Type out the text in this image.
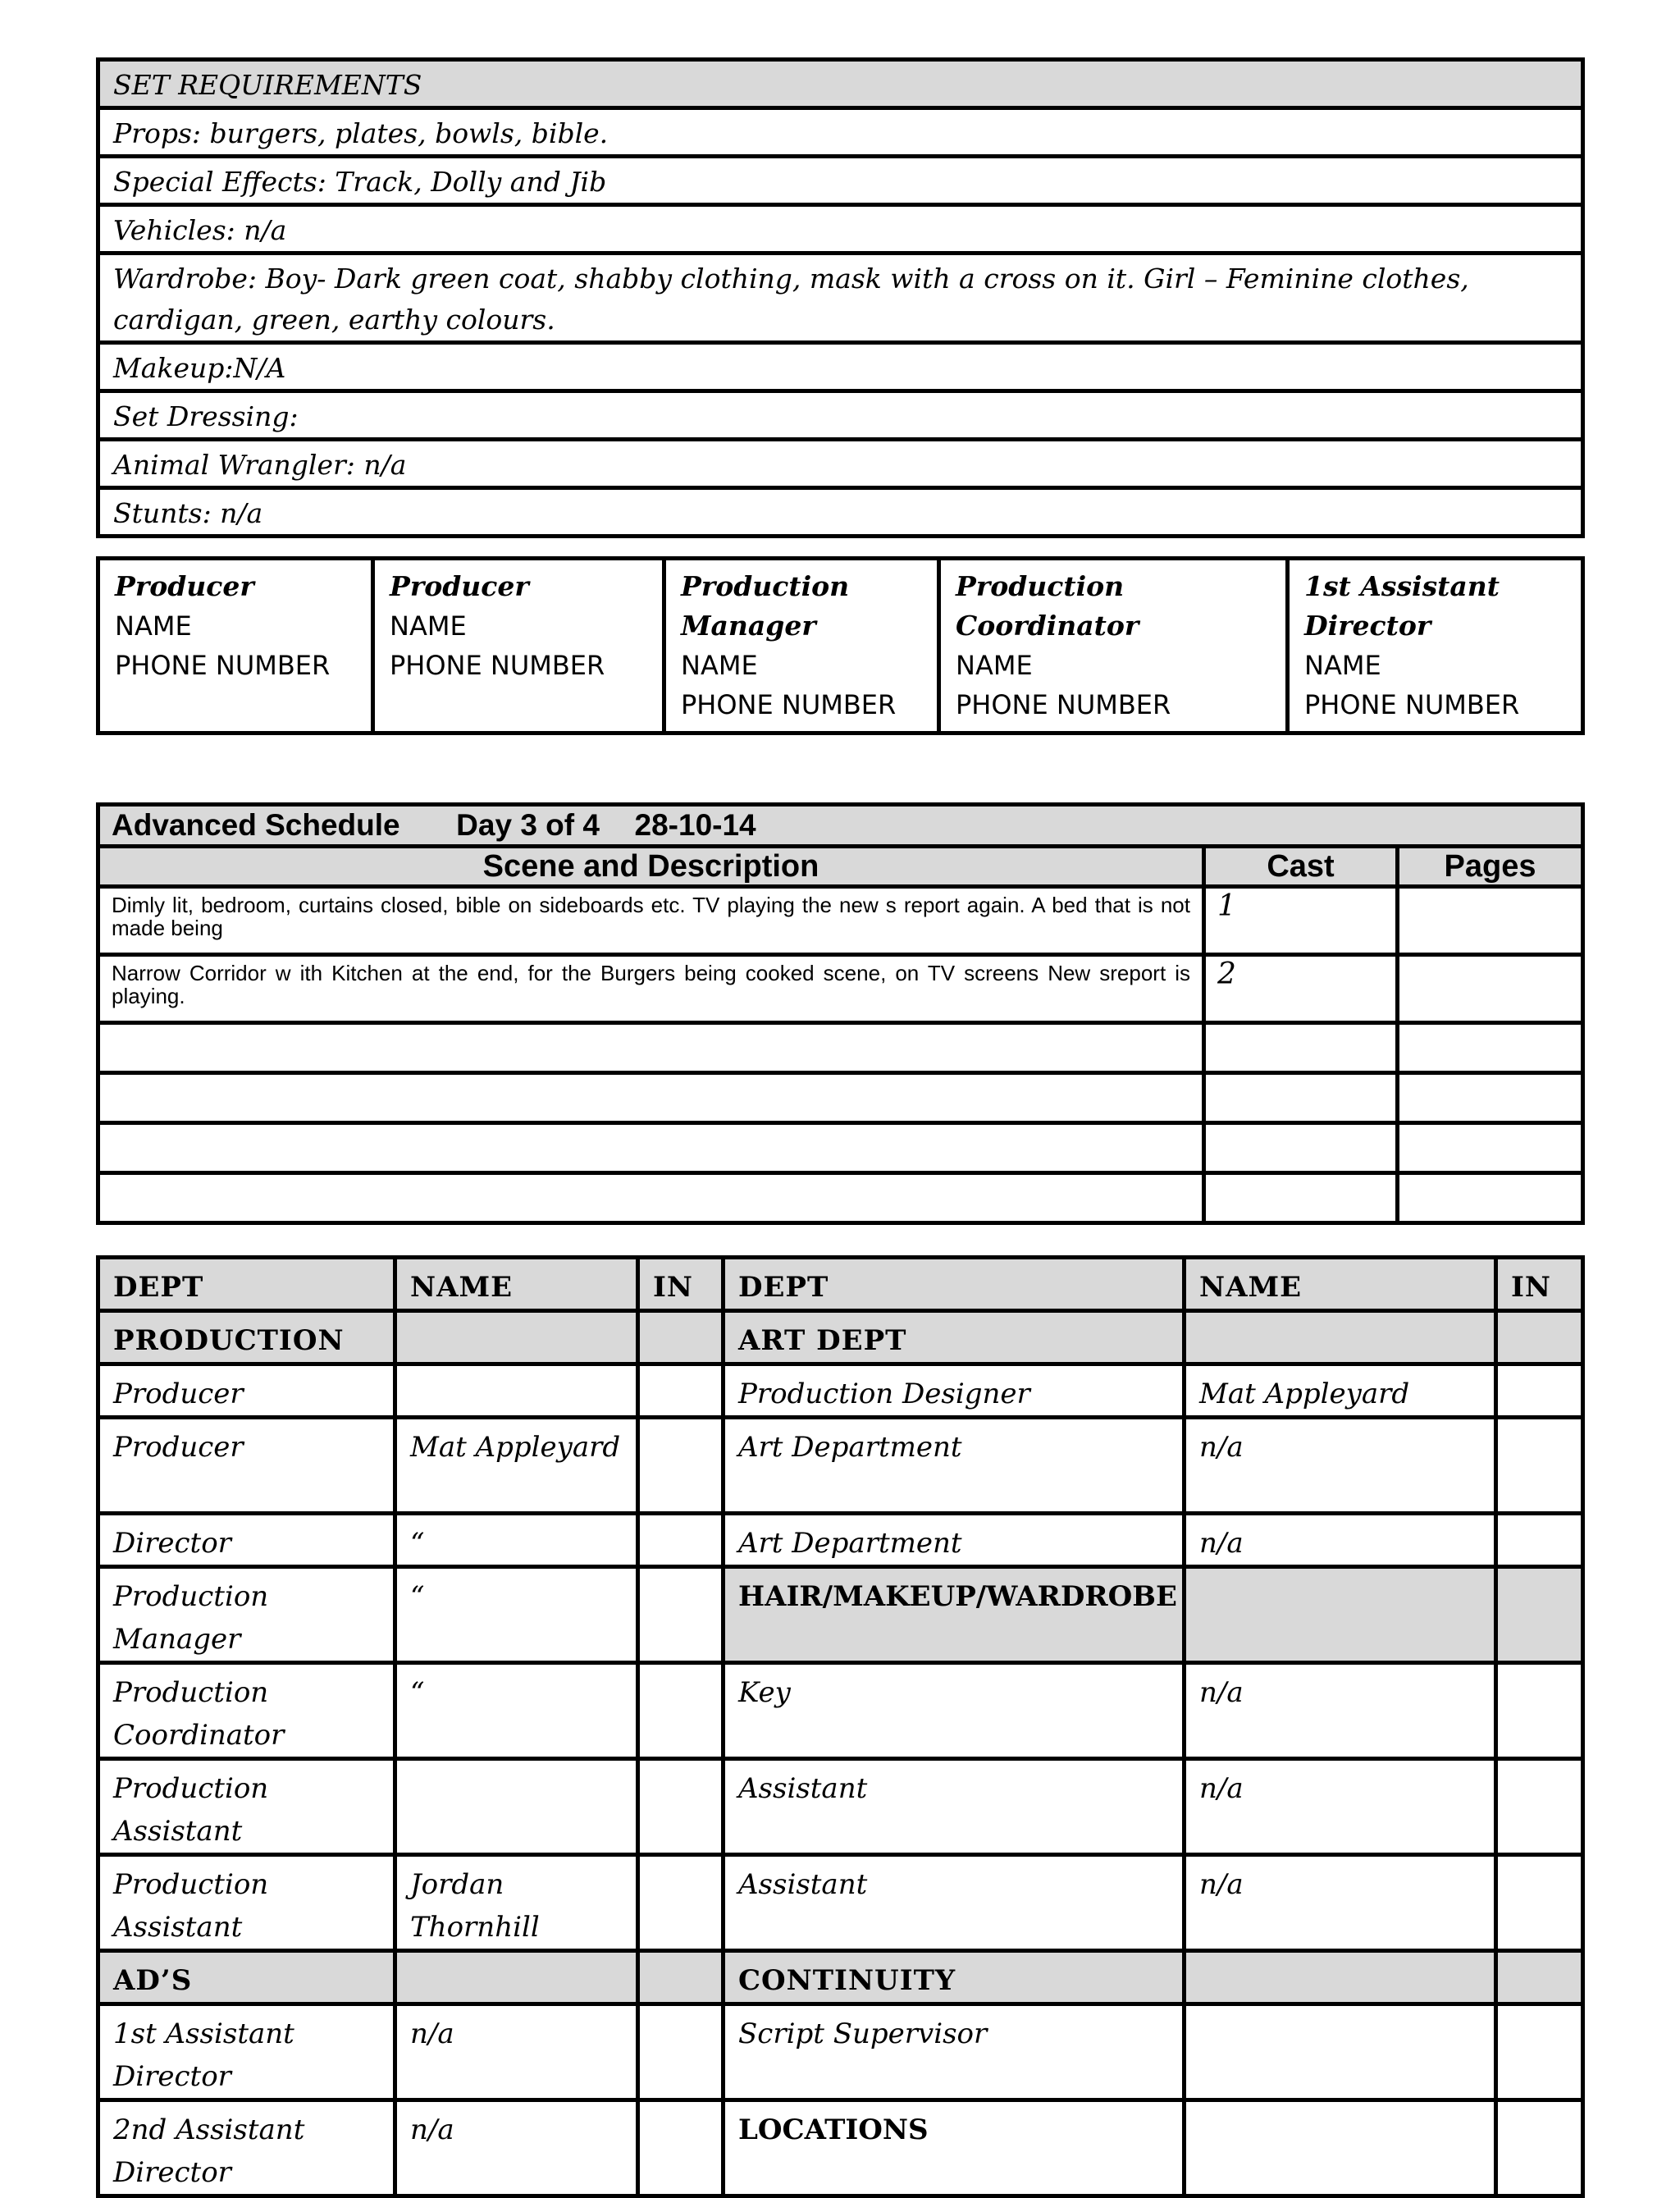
SET REQUIREMENTS
Props: burgers, plates, bowls, bible.
Special Effects: Track, Dolly and Jib
Vehicles: n/a
Wardrobe: Boy- Dark green coat, shabby clothing, mask with a cross on it. Girl – Feminine clothes, cardigan, green, earthy colours.
Makeup:N/A
Set Dressing:
Animal Wrangler: n/a
Stunts: n/a
Producer
NAME
PHONE NUMBER

Producer
NAME
PHONE NUMBER

Production Manager
NAME
PHONE NUMBER

Production Coordinator
NAME
PHONE NUMBER

1st Assistant Director
NAME
PHONE NUMBER
Advanced Schedule Day 3 of 4 28-10-14		
Scene and Description	Cast	Pages
Dimly lit, bedroom, curtains closed, bible on sideboards etc. TV playing the new s report again. A bed that is not made being	1	
Narrow Corridor w ith Kitchen at the end, for the Burgers being cooked scene, on TV screens New sreport is playing.	2	

DEPT	NAME	IN	DEPT	NAME	IN
PRODUCTION			ART DEPT		
Producer			Production Designer	Mat Appleyard	
Producer	Mat Appleyard		Art Department	n/a	
Director	“		Art Department	n/a	
Production Manager	“		HAIR/MAKEUP/WARDROBE		
Production Coordinator	“		Key	n/a	
Production Assistant			Assistant	n/a	
Production Assistant	Jordan Thornhill		Assistant	n/a	
AD’S			CONTINUITY		
1st Assistant Director	n/a		Script Supervisor		
2nd Assistant Director	n/a		LOCATIONS		
